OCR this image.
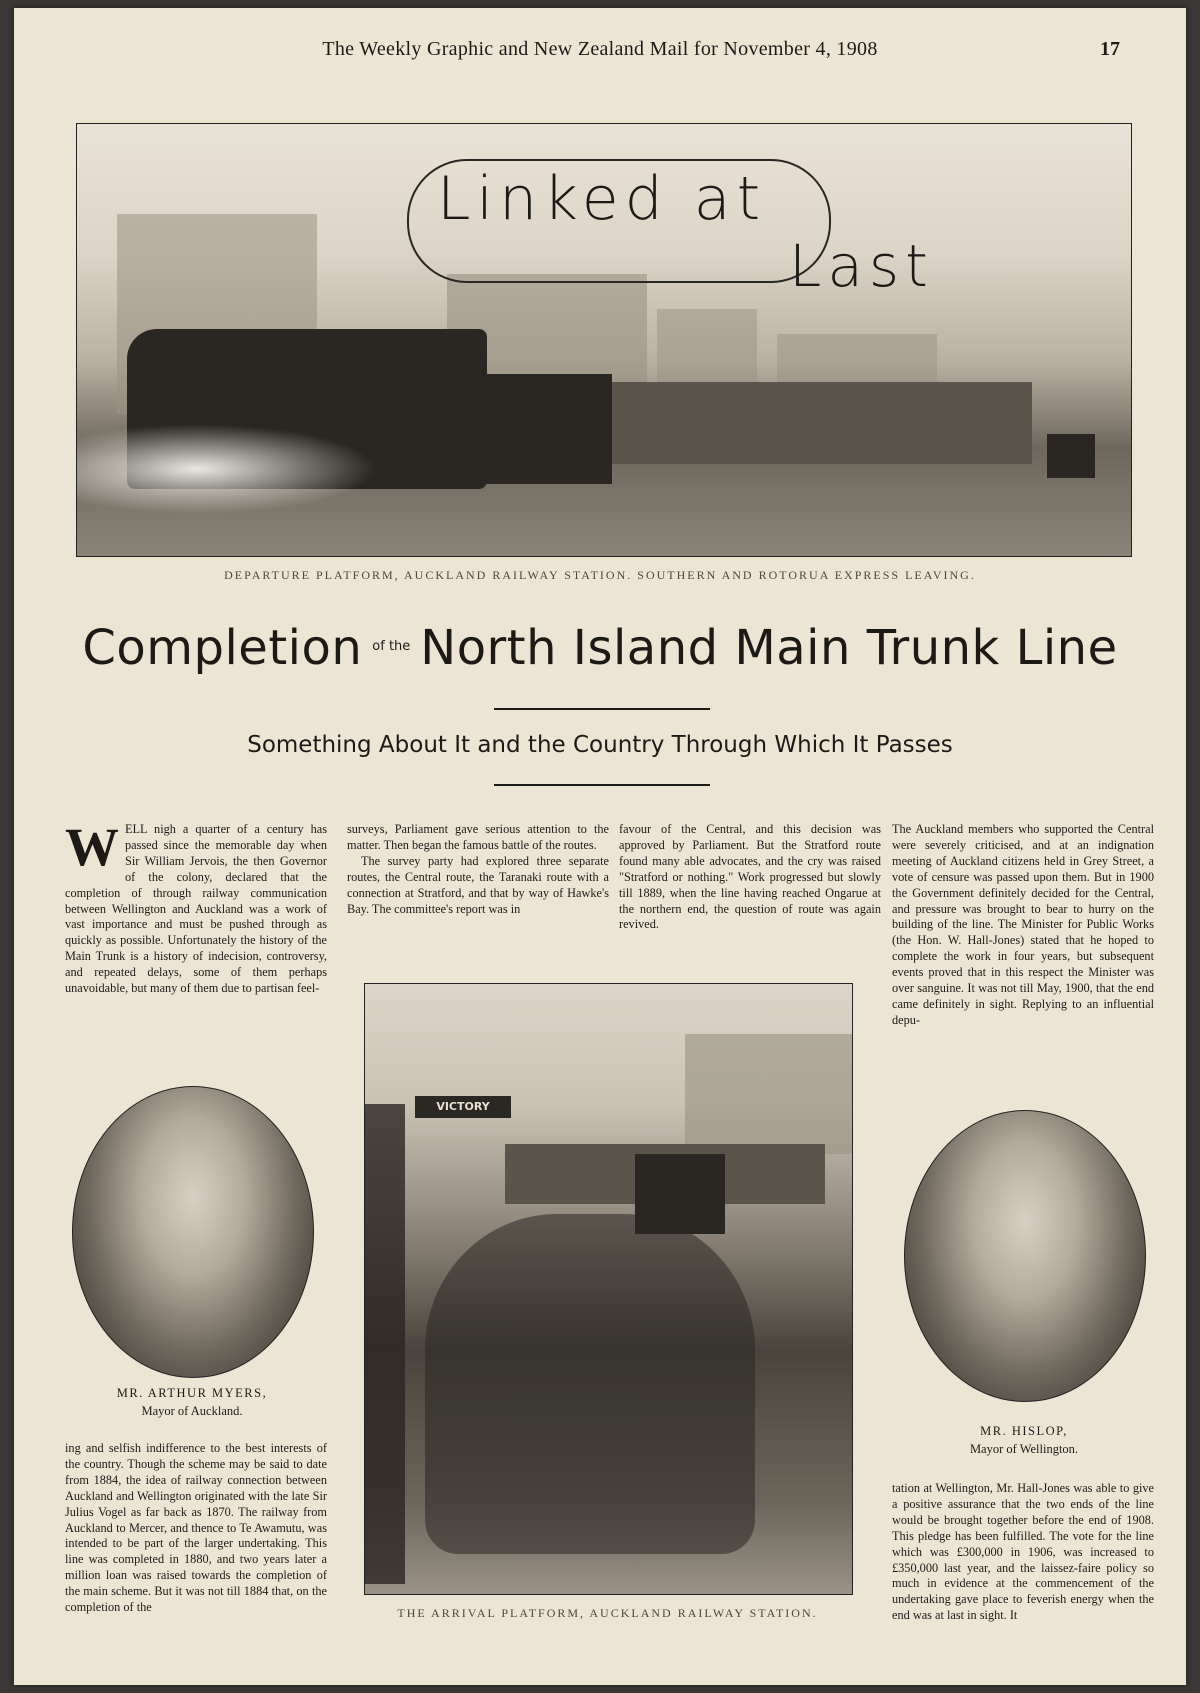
The Weekly Graphic and New Zealand Mail for November 4, 1908	17
Linked at
Last
DEPARTURE PLATFORM, AUCKLAND RAILWAY STATION. SOUTHERN AND ROTORUA EXPRESS LEAVING.
Completion $^{of the}$ North Island Main Trunk Line
Something About It and the Country Through Which It Passes
W ELL nigh a quarter of a century has passed since the memorable day when Sir William Jervois, the then Governor of the colony, declared that the completion of through railway communication between Wellington and Auckland was a work of vast importance and must be pushed through as quickly as possible. Unfortunately the history of the Main Trunk is a history of indecision, controversy, and repeated delays, some of them perhaps unavoidable, but many of them due to partisan feel-

surveys, Parliament gave serious attention to the matter. Then began the famous battle of the routes.

The survey party had explored three separate routes, the Central route, the Taranaki route with a connection at Stratford, and that by way of Hawke's Bay. The committee's report was in

favour of the Central, and this decision was approved by Parliament. But the Stratford route found many able advocates, and the cry was raised "Stratford or nothing." Work progressed but slowly till 1889, when the line having reached Ongarue at the northern end, the question of route was again revived.

The Auckland members who supported the Central were severely criticised, and at an indignation meeting of Auckland citizens held in Grey Street, a vote of censure was passed upon them. But in 1900 the Government definitely decided for the Central, and pressure was brought to bear to hurry on the building of the line. The Minister for Public Works (the Hon. W. Hall-Jones) stated that he hoped to complete the work in four years, but subsequent events proved that in this respect the Minister was over sanguine. It was not till May, 1900, that the end came definitely in sight. Replying to an influential depu-

MR. ARTHUR MYERS,
Mayor of Auckland.
MR. HISLOP,
Mayor of Wellington.
VICTORY
THE ARRIVAL PLATFORM, AUCKLAND RAILWAY STATION.

ing and selfish indifference to the best interests of the country. Though the scheme may be said to date from 1884, the idea of railway connection between Auckland and Wellington originated with the late Sir Julius Vogel as far back as 1870. The railway from Auckland to Mercer, and thence to Te Awamutu, was intended to be part of the larger undertaking. This line was completed in 1880, and two years later a million loan was raised towards the completion of the main scheme. But it was not till 1884 that, on the completion of the

tation at Wellington, Mr. Hall-Jones was able to give a positive assurance that the two ends of the line would be brought together before the end of 1908. This pledge has been fulfilled. The vote for the line which was £300,000 in 1906, was increased to £350,000 last year, and the laissez-faire policy so much in evidence at the commencement of the undertaking gave place to feverish energy when the end was at last in sight. It
